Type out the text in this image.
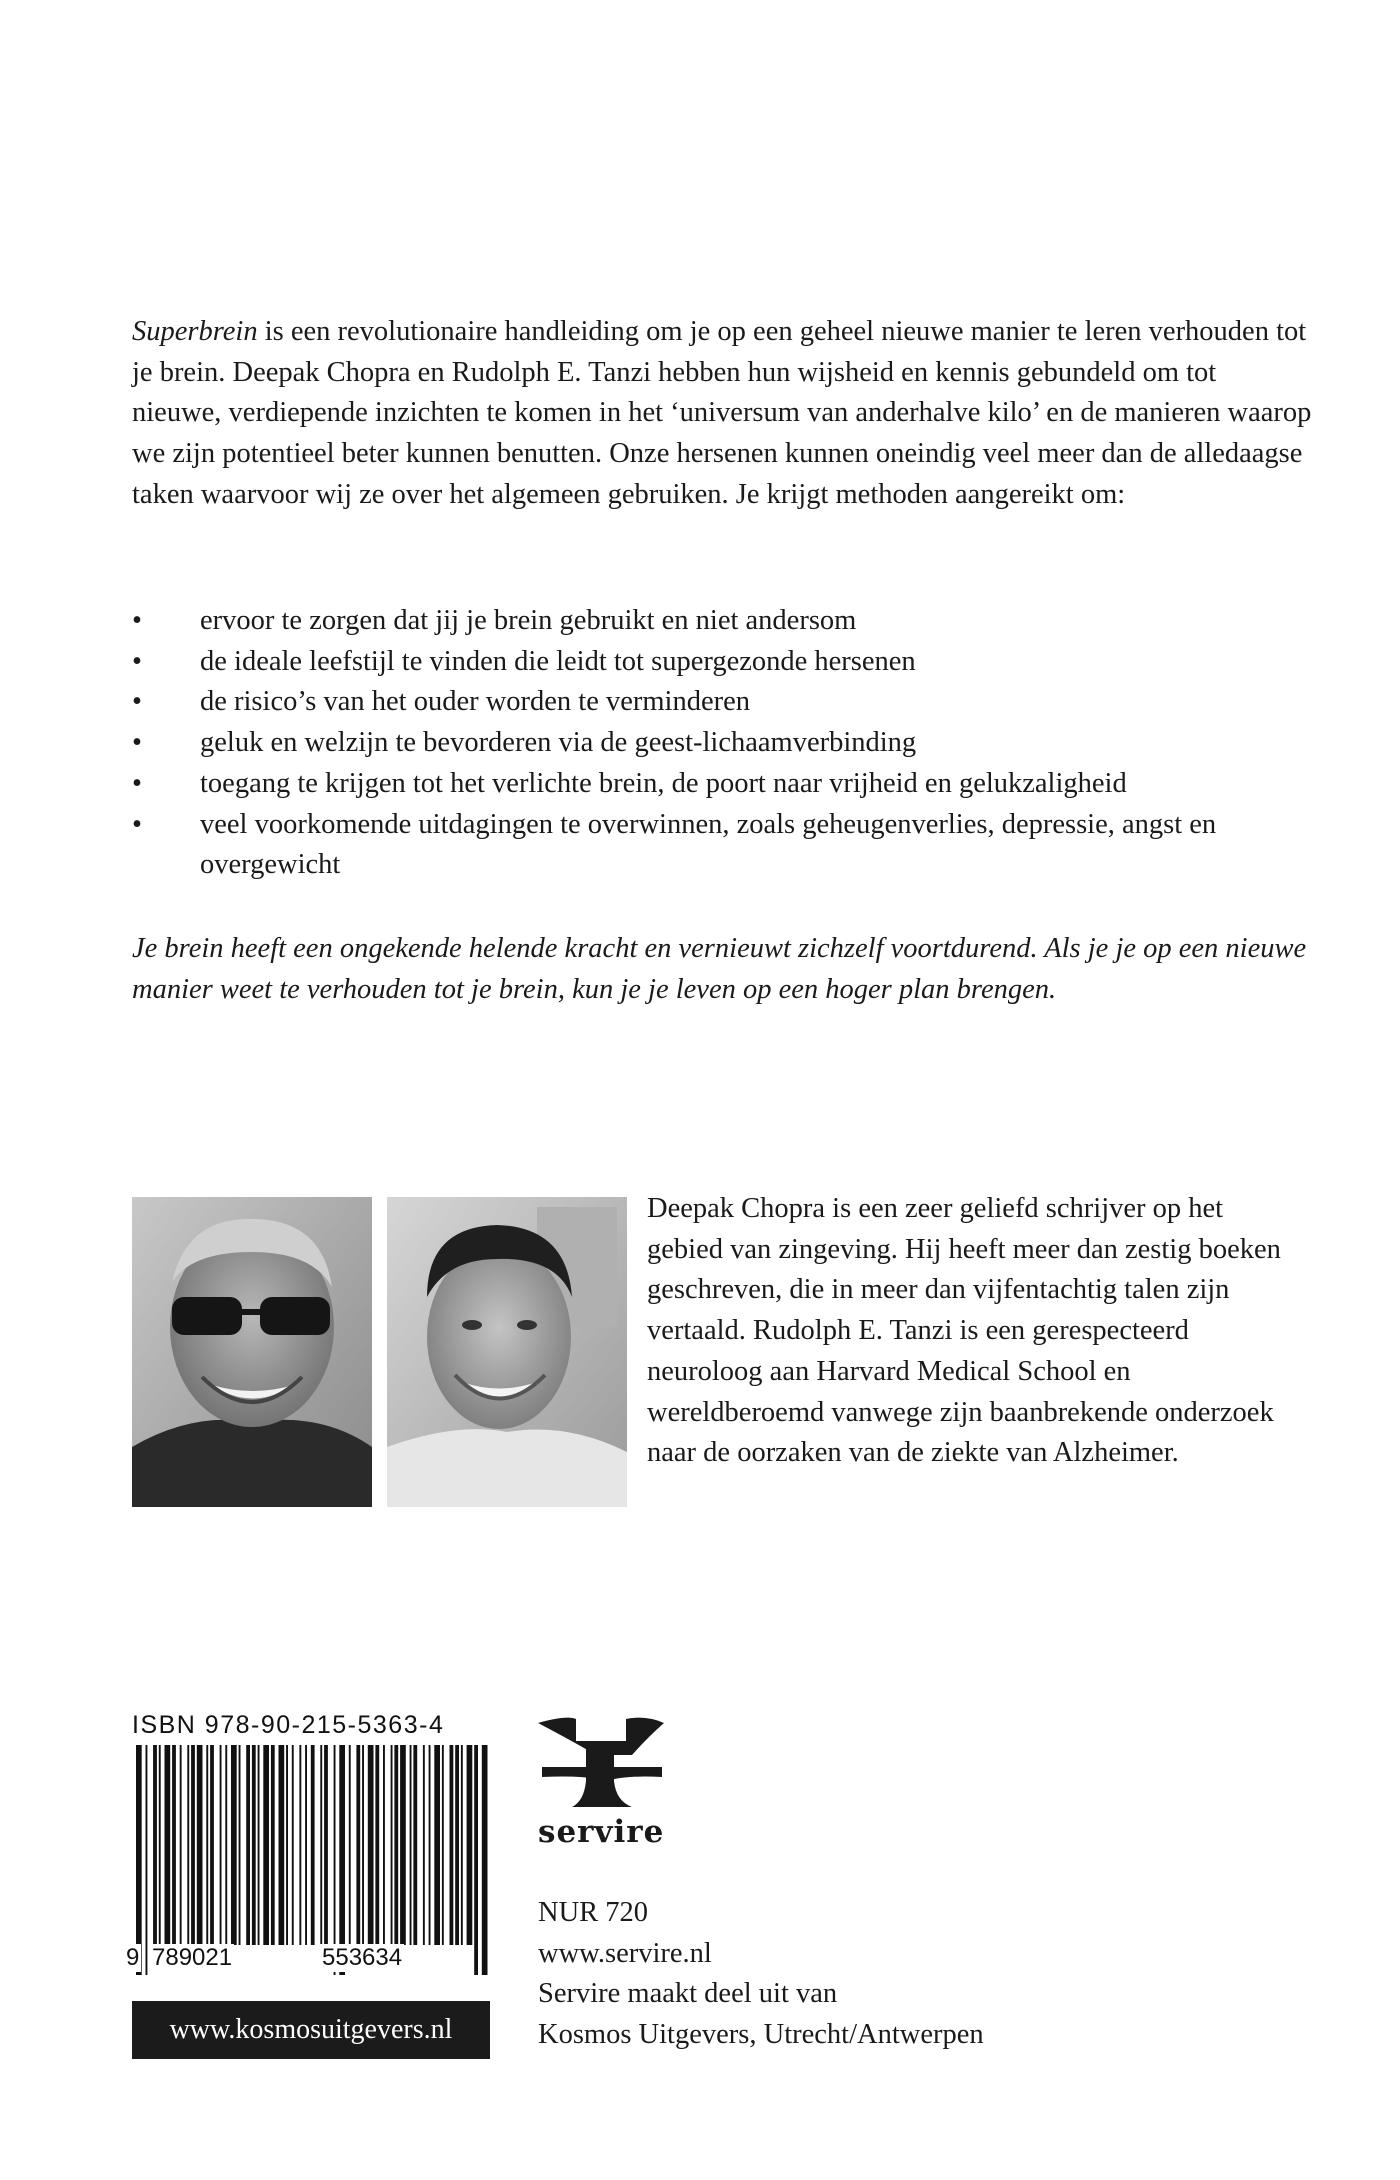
Superbrein is een revolutionaire handleiding om je op een geheel nieuwe manier te leren verhouden tot je brein. Deepak Chopra en Rudolph E. Tanzi hebben hun wijsheid en kennis gebundeld om tot nieuwe, verdiepende inzichten te komen in het ‘universum van anderhalve kilo’ en de manieren waarop we zijn potentieel beter kunnen benutten. Onze hersenen kunnen oneindig veel meer dan de alledaagse taken waarvoor wij ze over het algemeen gebruiken. Je krijgt methoden aangereikt om:

•	ervoor te zorgen dat jij je brein gebruikt en niet andersom
•	de ideale leefstijl te vinden die leidt tot supergezonde hersenen
•	de risico’s van het ouder worden te verminderen
•	geluk en welzijn te bevorderen via de geest-lichaamverbinding
•	toegang te krijgen tot het verlichte brein, de poort naar vrijheid en gelukzaligheid
•	veel voorkomende uitdagingen te overwinnen, zoals geheugenverlies, depressie, angst en overgewicht

Je brein heeft een ongekende helende kracht en vernieuwt zichzelf voortdurend. Als je je op een nieuwe manier weet te verhouden tot je brein, kun je je leven op een hoger plan brengen.

Deepak Chopra is een zeer geliefd schrijver op het gebied van zingeving. Hij heeft meer dan zestig boeken geschreven, die in meer dan vijfentachtig talen zijn vertaald. Rudolph E. Tanzi is een gerespecteerd neuroloog aan Harvard Medical School en wereldberoemd vanwege zijn baanbrekende onderzoek naar de oorzaken van de ziekte van Alzheimer.

ISBN 978-90-215-5363-4
9 789021	553634
www.kosmosuitgevers.nl
servire
NUR 720
www.servire.nl
Servire maakt deel uit van
Kosmos Uitgevers, Utrecht/Antwerpen
